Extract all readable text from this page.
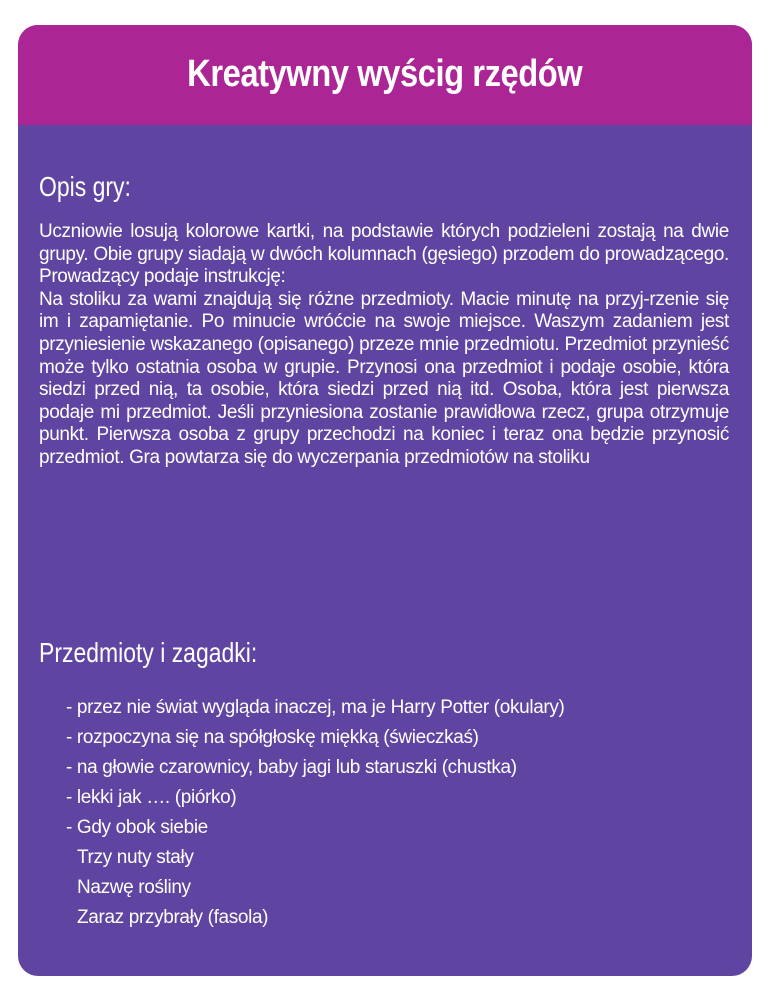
Kreatywny wyścig rzędów
Opis gry:

Uczniowie losują kolorowe kartki, na podstawie których podzieleni zostają na dwie grupy. Obie grupy siadają w dwóch kolumnach (gęsiego) przodem do prowadzącego. Prowadzący podaje instrukcję:

Na stoliku za wami znajdują się różne przedmioty. Macie minutę na przyj-rzenie się im i zapamiętanie. Po minucie wróćcie na swoje miejsce. Waszym zadaniem jest przyniesienie wskazanego (opisanego) przeze mnie przedmiotu. Przedmiot przynieść może tylko ostatnia osoba w grupie. Przynosi ona przedmiot i podaje osobie, która siedzi przed nią, ta osobie, która siedzi przed nią itd. Osoba, która jest pierwsza podaje mi przedmiot. Jeśli przyniesiona zostanie prawidłowa rzecz, grupa otrzymuje punkt. Pierwsza osoba z grupy przechodzi na koniec i teraz ona będzie przynosić przedmiot. Gra powtarza się do wyczerpania przedmiotów na stoliku

Przedmioty i zagadki:
- przez nie świat wygląda inaczej, ma je Harry Potter (okulary)
- rozpoczyna się na spółgłoskę miękką (świeczkaś)
- na głowie czarownicy, baby jagi lub staruszki (chustka)
- lekki jak …. (piórko)
- Gdy obok siebie
Trzy nuty stały
Nazwę rośliny
Zaraz przybrały (fasola)
